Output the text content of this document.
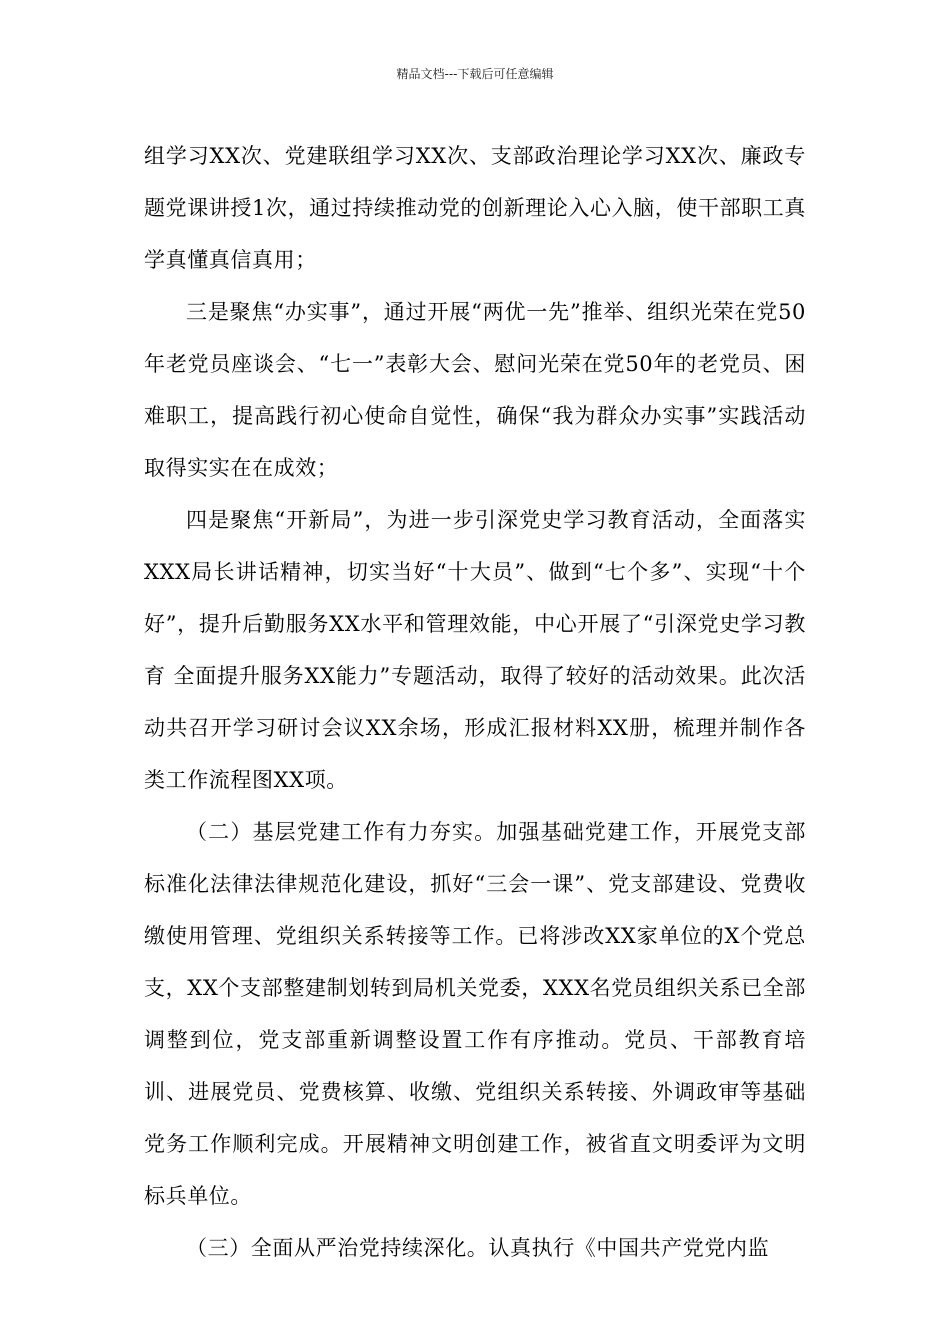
精品文档---下载后可任意编辑

组学习XX次、党建联组学习XX次、支部政治理论学习XX次、廉政专题党课讲授1次，通过持续推动党的创新理论入心入脑，使干部职工真学真懂真信真用；

三是聚焦“办实事”，通过开展“两优一先”推举、组织光荣在党50年老党员座谈会、“七一”表彰大会、慰问光荣在党50年的老党员、困难职工，提高践行初心使命自觉性，确保“我为群众办实事”实践活动取得实实在在成效；

四是聚焦“开新局”，为进一步引深党史学习教育活动，全面落实XXX局长讲话精神，切实当好“十大员”、做到“七个多”、实现“十个好”，提升后勤服务XX水平和管理效能，中心开展了“引深党史学习教育 全面提升服务XX能力”专题活动，取得了较好的活动效果。此次活动共召开学习研讨会议XX余场，形成汇报材料XX册，梳理并制作各类工作流程图XX项。

（二）基层党建工作有力夯实。加强基础党建工作，开展党支部标准化法律法律规范化建设，抓好“三会一课”、党支部建设、党费收缴使用管理、党组织关系转接等工作。已将涉改XX家单位的X个党总支，XX个支部整建制划转到局机关党委，XXX名党员组织关系已全部调整到位，党支部重新调整设置工作有序推动。党员、干部教育培训、进展党员、党费核算、收缴、党组织关系转接、外调政审等基础党务工作顺利完成。开展精神文明创建工作，被省直文明委评为文明标兵单位。

（三）全面从严治党持续深化。认真执行《中国共产党党内监
